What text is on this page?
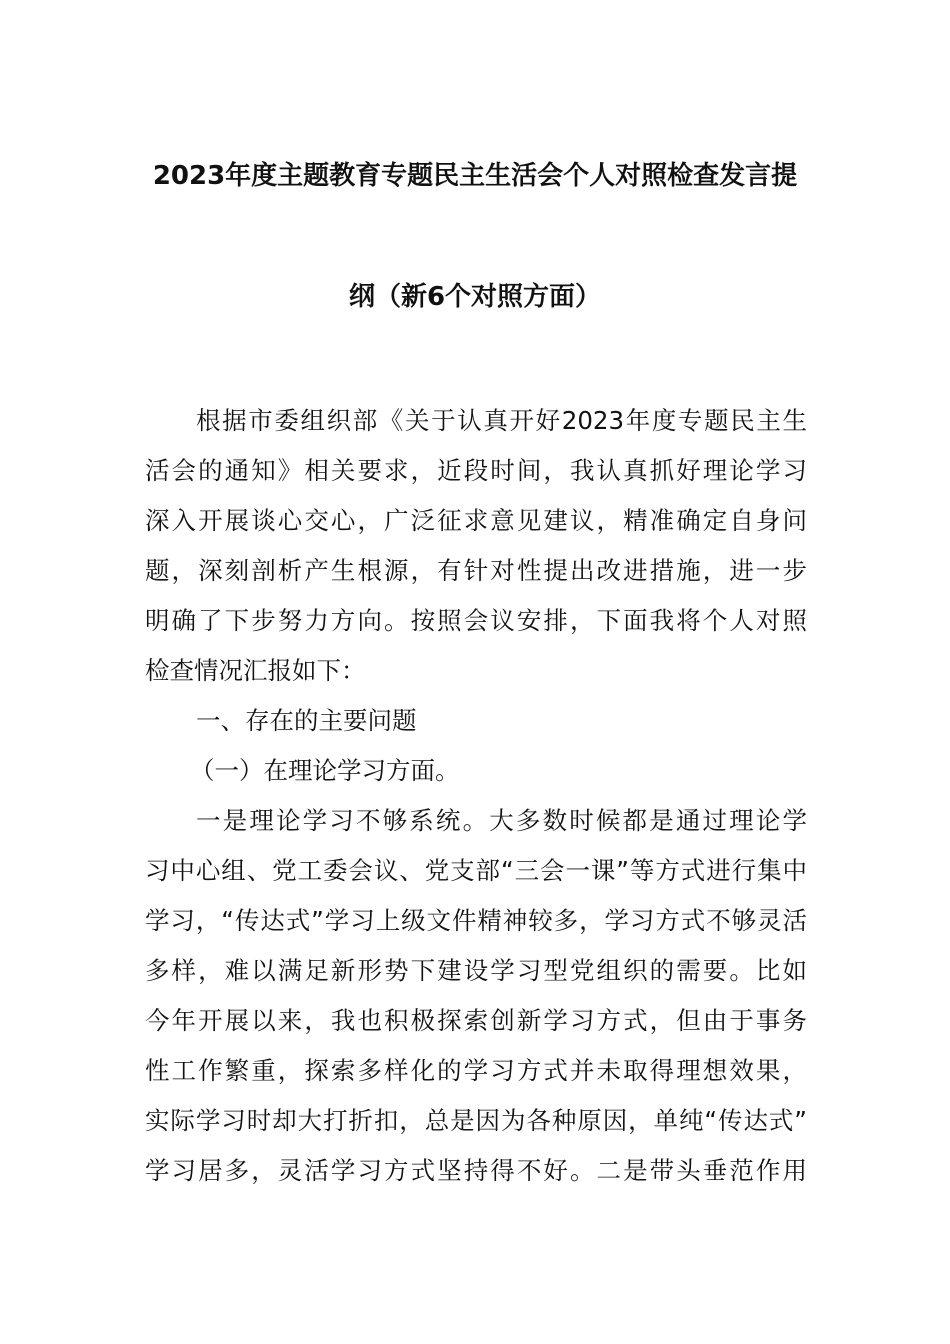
2023年度主题教育专题民主生活会个人对照检查发言提
纲（新6个对照方面）
根据市委组织部《关于认真开好2023年度专题民主生
活会的通知》相关要求，近段时间，我认真抓好理论学习
深入开展谈心交心，广泛征求意见建议，精准确定自身问
题，深刻剖析产生根源，有针对性提出改进措施，进一步
明确了下步努力方向。按照会议安排，下面我将个人对照
检查情况汇报如下：
一、存在的主要问题
（一）在理论学习方面。
一是理论学习不够系统。大多数时候都是通过理论学
习中心组、党工委会议、党支部“三会一课”等方式进行集中
学习，“传达式”学习上级文件精神较多，学习方式不够灵活
多样，难以满足新形势下建设学习型党组织的需要。比如
今年开展以来，我也积极探索创新学习方式，但由于事务
性工作繁重，探索多样化的学习方式并未取得理想效果，
实际学习时却大打折扣，总是因为各种原因，单纯“传达式”
学习居多，灵活学习方式坚持得不好。二是带头垂范作用
